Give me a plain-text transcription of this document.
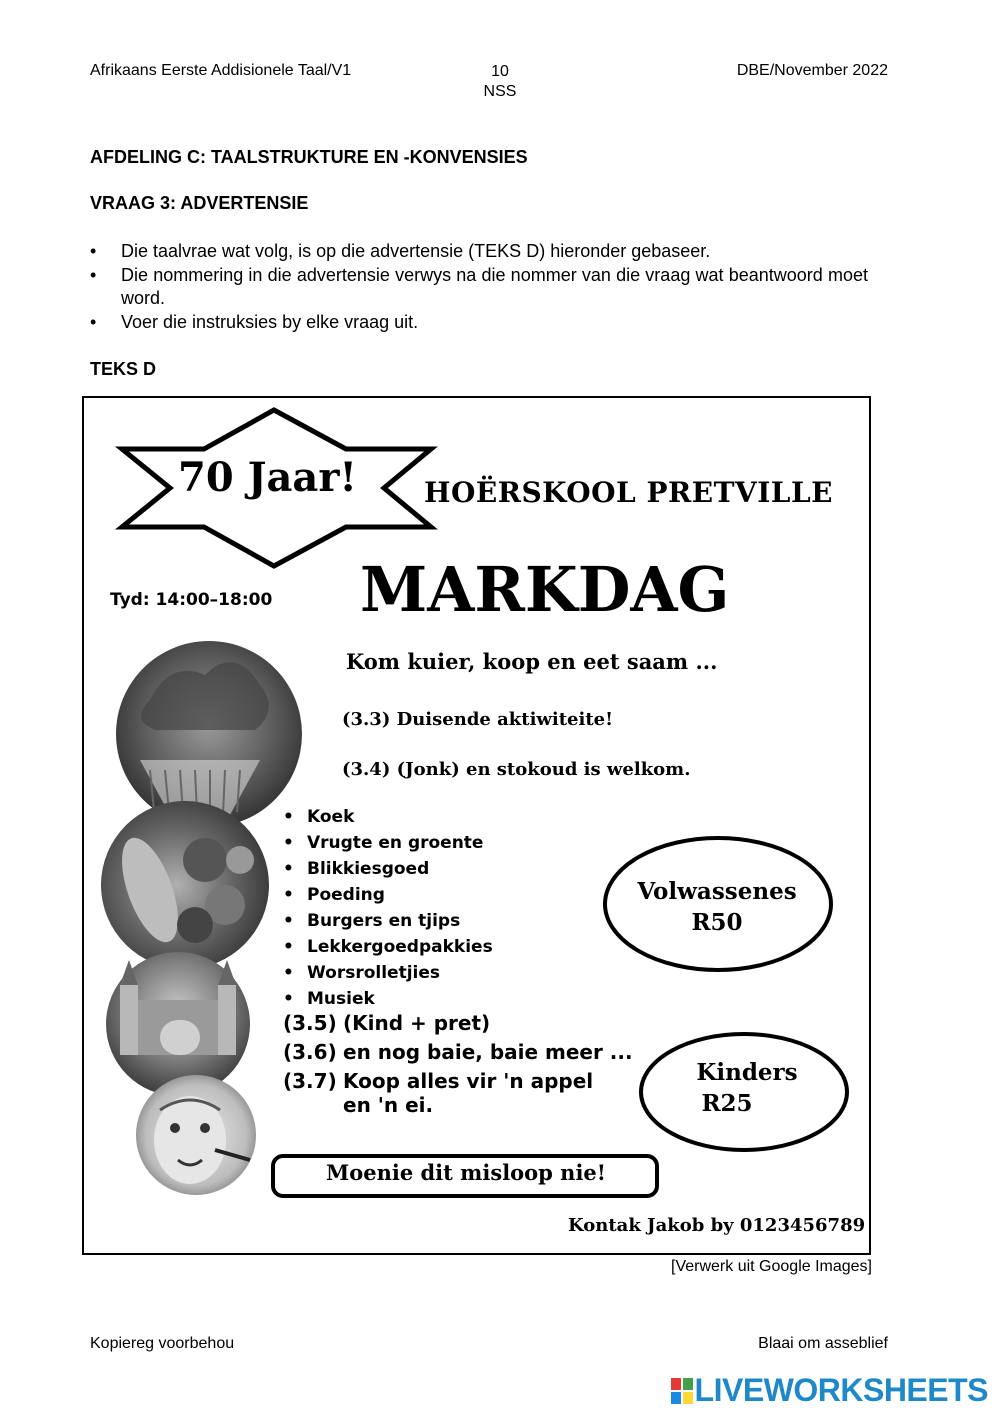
Afrikaans Eerste Addisionele Taal/V1	10
NSS
DBE/November 2022
AFDELING C: TAALSTRUKTURE EN -KONVENSIES
VRAAG 3: ADVERTENSIE
• Die taalvrae wat volg, is op die advertensie (TEKS D) hieronder gebaseer.
• Die nommering in die advertensie verwys na die nommer van die vraag wat beantwoord moet word.
• Voer die instruksies by elke vraag uit.
TEKS D
70 Jaar! HOËRSKOOL PRETVILLE
Tyd: 14:00–18:00 MARKDAG
Kom kuier, koop en eet saam ...
(3.3) Duisende aktiwiteite!
(3.4) (Jonk) en stokoud is welkom.
• Koek
• Vrugte en groente
• Blikkiesgoed
• Poeding
• Burgers en tjips
• Lekkergoedpakkies
• Worsrolletjies
• Musiek
(3.5) (Kind + pret)
(3.6) en nog baie, baie meer ...
(3.7) Koop alles vir 'n appel en 'n ei.
Volwassenes
R50
Kinders
R25
Moenie dit misloop nie!
Kontak Jakob by 0123456789
[Verwerk uit Google Images]
Kopiereg voorbehou	Blaai om asseblief
LIVEWORKSHEETS
